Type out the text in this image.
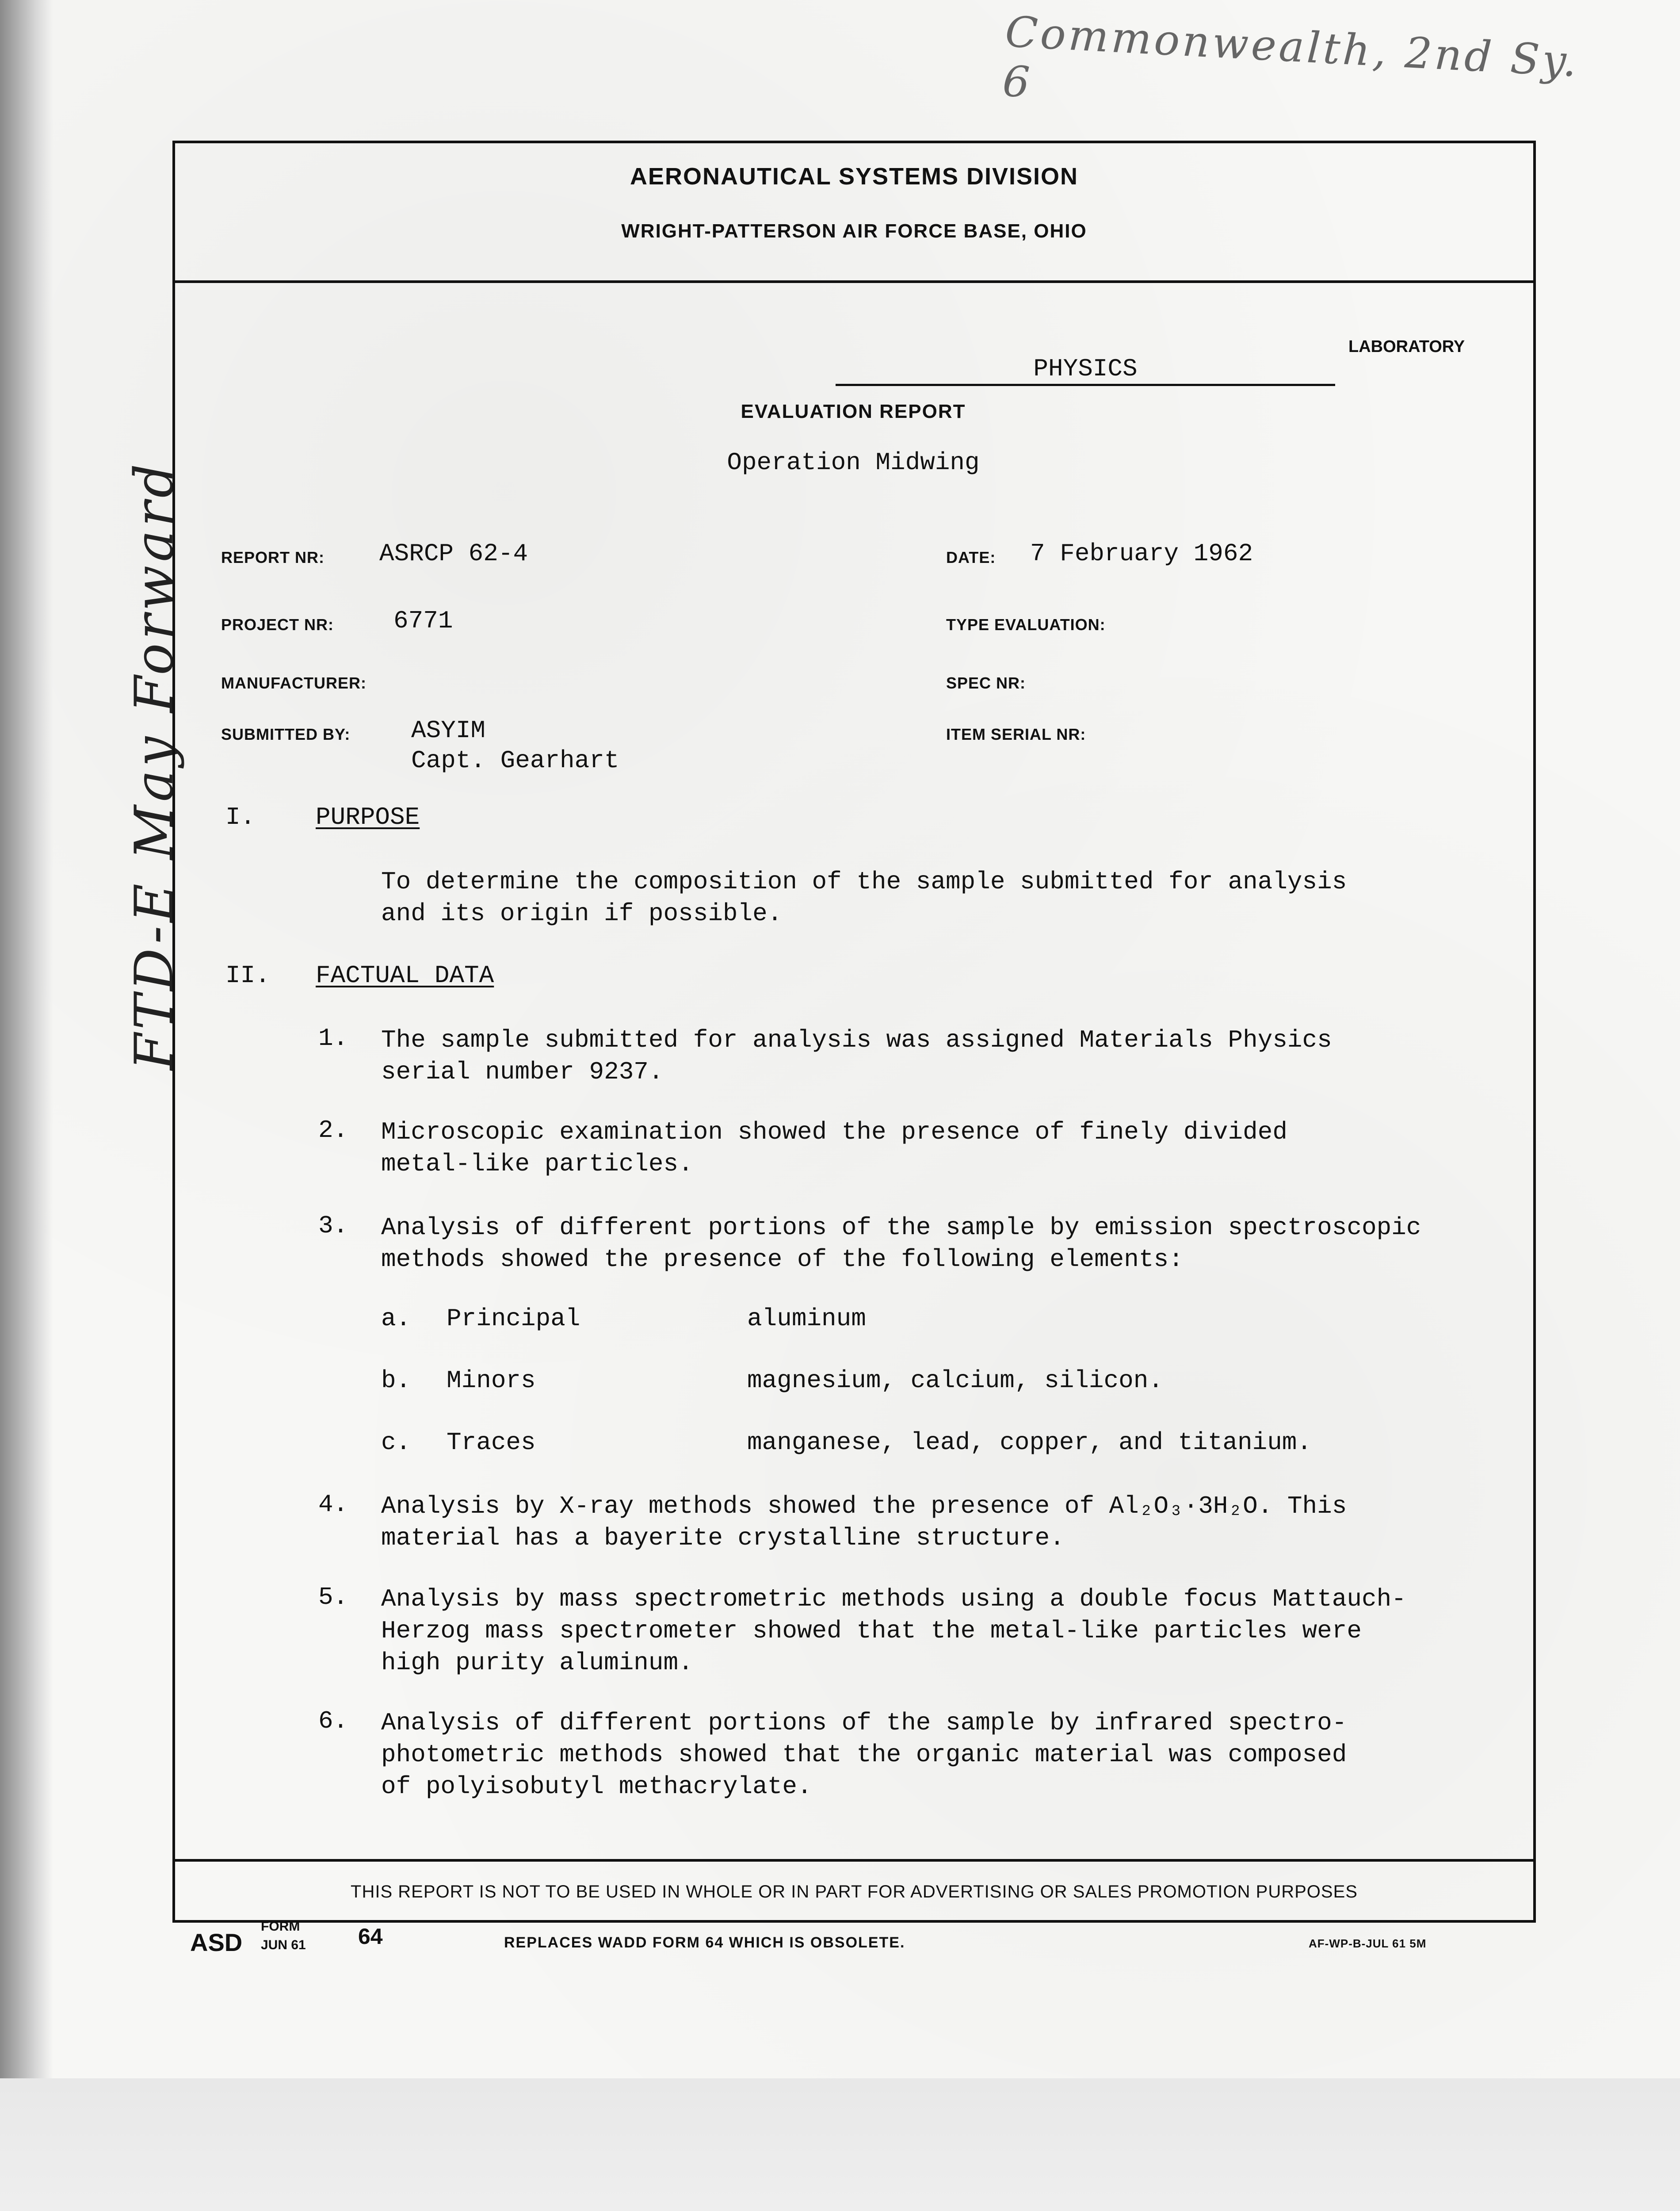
Commonwealth, 2nd Sy. 6
FTD-E May Forward
AERONAUTICAL SYSTEMS DIVISION
WRIGHT-PATTERSON AIR FORCE BASE, OHIO
PHYSICS
LABORATORY
EVALUATION REPORT
Operation Midwing
REPORT NR: ASRCP 62-4	DATE: 7 February 1962
PROJECT NR: 6771	TYPE EVALUATION:
MANUFACTURER:	SPEC NR:
SUBMITTED BY: ASYIM
Capt. Gearhart
ITEM SERIAL NR:
I. PURPOSE
To determine the composition of the sample submitted for analysis
and its origin if possible.
II. FACTUAL DATA
1. The sample submitted for analysis was assigned Materials Physics
serial number 9237.
2. Microscopic examination showed the presence of finely divided
metal-like particles.
3. Analysis of different portions of the sample by emission spectroscopic
methods showed the presence of the following elements:
a. Principal	aluminum
b. Minors	magnesium, calcium, silicon.
c. Traces	manganese, lead, copper, and titanium.
4. Analysis by X-ray methods showed the presence of Al₂O₃·3H₂O. This
material has a bayerite crystalline structure.
5. Analysis by mass spectrometric methods using a double focus Mattauch-
Herzog mass spectrometer showed that the metal-like particles were
high purity aluminum.
6. Analysis of different portions of the sample by infrared spectro-
photometric methods showed that the organic material was composed
of polyisobutyl methacrylate.
THIS REPORT IS NOT TO BE USED IN WHOLE OR IN PART FOR ADVERTISING OR SALES PROMOTION PURPOSES
ASD
FORM
JUN 61 64	REPLACES WADD FORM 64 WHICH IS OBSOLETE.	AF-WP-B-JUL 61 5M
